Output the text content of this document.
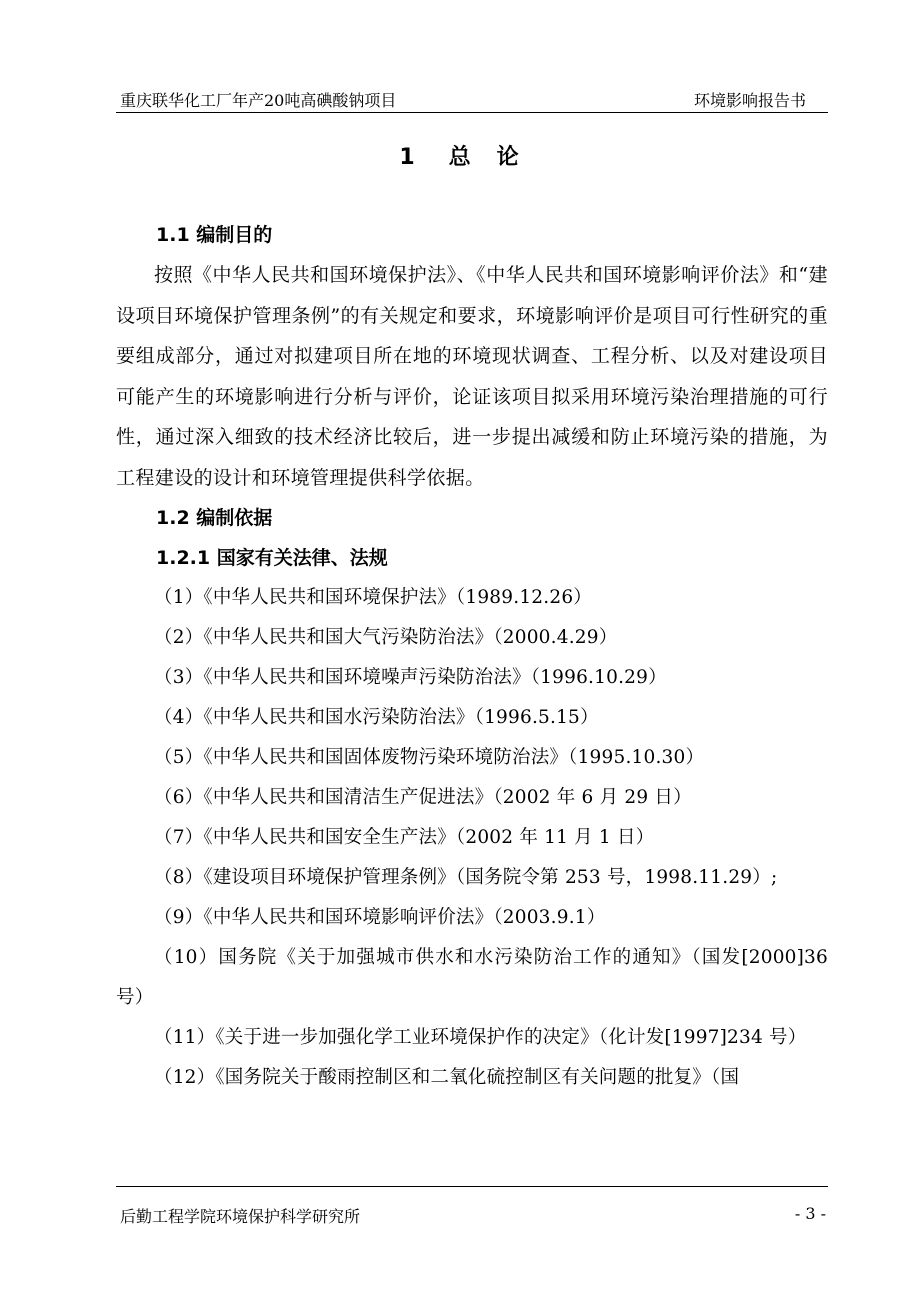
重庆联华化工厂年产20吨高碘酸钠项目	环境影响报告书
1 总 论
1.1 编制目的
按照《中华人民共和国环境保护法》、《中华人民共和国环境影响评价法》和“建设项目环境保护管理条例”的有关规定和要求，环境影响评价是项目可行性研究的重要组成部分，通过对拟建项目所在地的环境现状调查、工程分析、以及对建设项目可能产生的环境影响进行分析与评价，论证该项目拟采用环境污染治理措施的可行性，通过深入细致的技术经济比较后，进一步提出减缓和防止环境污染的措施，为工程建设的设计和环境管理提供科学依据。
1.2 编制依据
1.2.1 国家有关法律、法规
（1）《中华人民共和国环境保护法》（1989.12.26）
（2）《中华人民共和国大气污染防治法》（2000.4.29）
（3）《中华人民共和国环境噪声污染防治法》（1996.10.29）
（4）《中华人民共和国水污染防治法》（1996.5.15）
（5）《中华人民共和国固体废物污染环境防治法》（1995.10.30）
（6）《中华人民共和国清洁生产促进法》（2002 年 6 月 29 日）
（7）《中华人民共和国安全生产法》（2002 年 11 月 1 日）
（8）《建设项目环境保护管理条例》（国务院令第 253 号，1998.11.29）;
（9）《中华人民共和国环境影响评价法》（2003.9.1）
（10）国务院《关于加强城市供水和水污染防治工作的通知》（国发[2000]36 号）
（11）《关于进一步加强化学工业环境保护作的决定》（化计发[1997]234 号）
（12）《国务院关于酸雨控制区和二氧化硫控制区有关问题的批复》（国
后勤工程学院环境保护科学研究所	- 3 -
